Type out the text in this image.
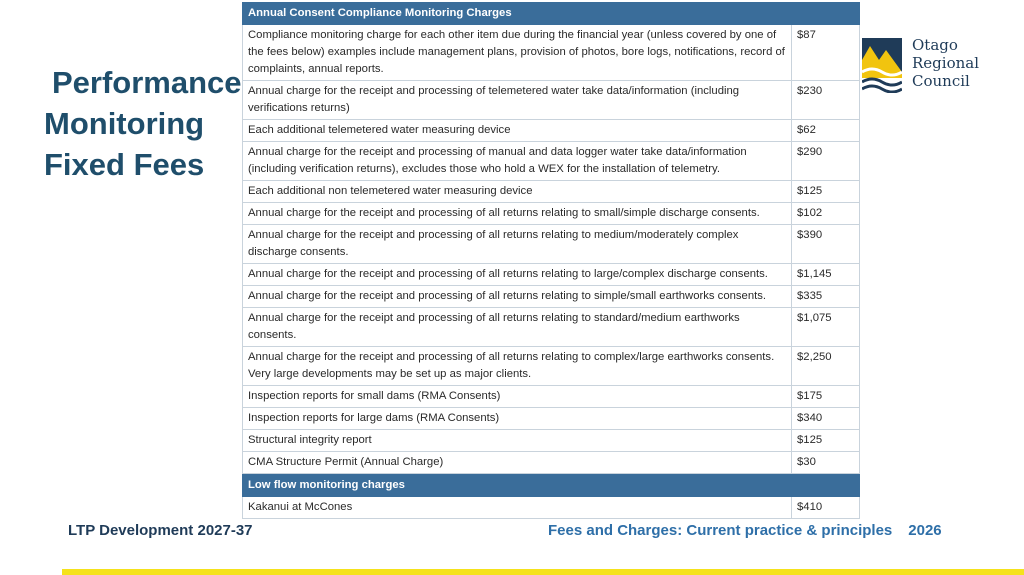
Performance
Monitoring
Fixed Fees
Annual Consent Compliance Monitoring Charges	
Compliance monitoring charge for each other item due during the financial year (unless covered by one of the fees below) examples include management plans, provision of photos, bore logs, notifications, record of complaints, annual reports.	$87
Annual charge for the receipt and processing of telemetered water take data/information (including verifications returns)	$230
Each additional telemetered water measuring device	$62
Annual charge for the receipt and processing of manual and data logger water take data/information (including verification returns), excludes those who hold a WEX for the installation of telemetry.	$290
Each additional non telemetered water measuring device	$125
Annual charge for the receipt and processing of all returns relating to small/simple discharge consents.	$102
Annual charge for the receipt and processing of all returns relating to medium/moderately complex discharge consents.	$390
Annual charge for the receipt and processing of all returns relating to large/complex discharge consents.	$1,145
Annual charge for the receipt and processing of all returns relating to simple/small earthworks consents.	$335
Annual charge for the receipt and processing of all returns relating to standard/medium earthworks consents.	$1,075
Annual charge for the receipt and processing of all returns relating to complex/large earthworks consents. Very large developments may be set up as major clients.	$2,250
Inspection reports for small dams (RMA Consents)	$175
Inspection reports for large dams (RMA Consents)	$340
Structural integrity report	$125
CMA Structure Permit (Annual Charge)	$30
Low flow monitoring charges	
Kakanui at McCones	$410
Otago
Regional
Council
LTP Development 2027-37	Fees and Charges: Current practice & principles 2026
